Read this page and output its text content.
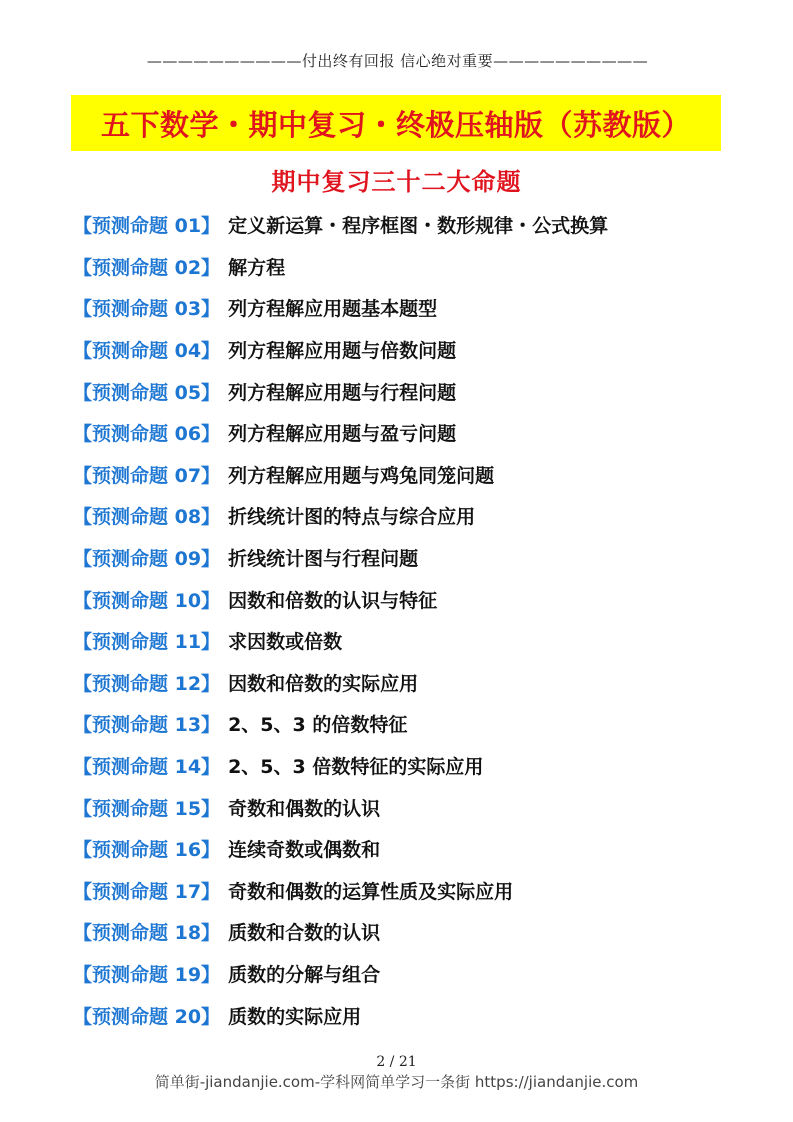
——————————付出终有回报 信心绝对重要——————————
五下数学・期中复习・终极压轴版（苏教版）
期中复习三十二大命题
【预测命题 01】 定义新运算・程序框图・数形规律・公式换算
【预测命题 02】 解方程
【预测命题 03】 列方程解应用题基本题型
【预测命题 04】 列方程解应用题与倍数问题
【预测命题 05】 列方程解应用题与行程问题
【预测命题 06】 列方程解应用题与盈亏问题
【预测命题 07】 列方程解应用题与鸡兔同笼问题
【预测命题 08】 折线统计图的特点与综合应用
【预测命题 09】 折线统计图与行程问题
【预测命题 10】 因数和倍数的认识与特征
【预测命题 11】 求因数或倍数
【预测命题 12】 因数和倍数的实际应用
【预测命题 13】 2、5、3 的倍数特征
【预测命题 14】 2、5、3 倍数特征的实际应用
【预测命题 15】 奇数和偶数的认识
【预测命题 16】 连续奇数或偶数和
【预测命题 17】 奇数和偶数的运算性质及实际应用
【预测命题 18】 质数和合数的认识
【预测命题 19】 质数的分解与组合
【预测命题 20】 质数的实际应用
2 / 21
简单街-jiandanjie.com-学科网简单学习一条街 https://jiandanjie.com
